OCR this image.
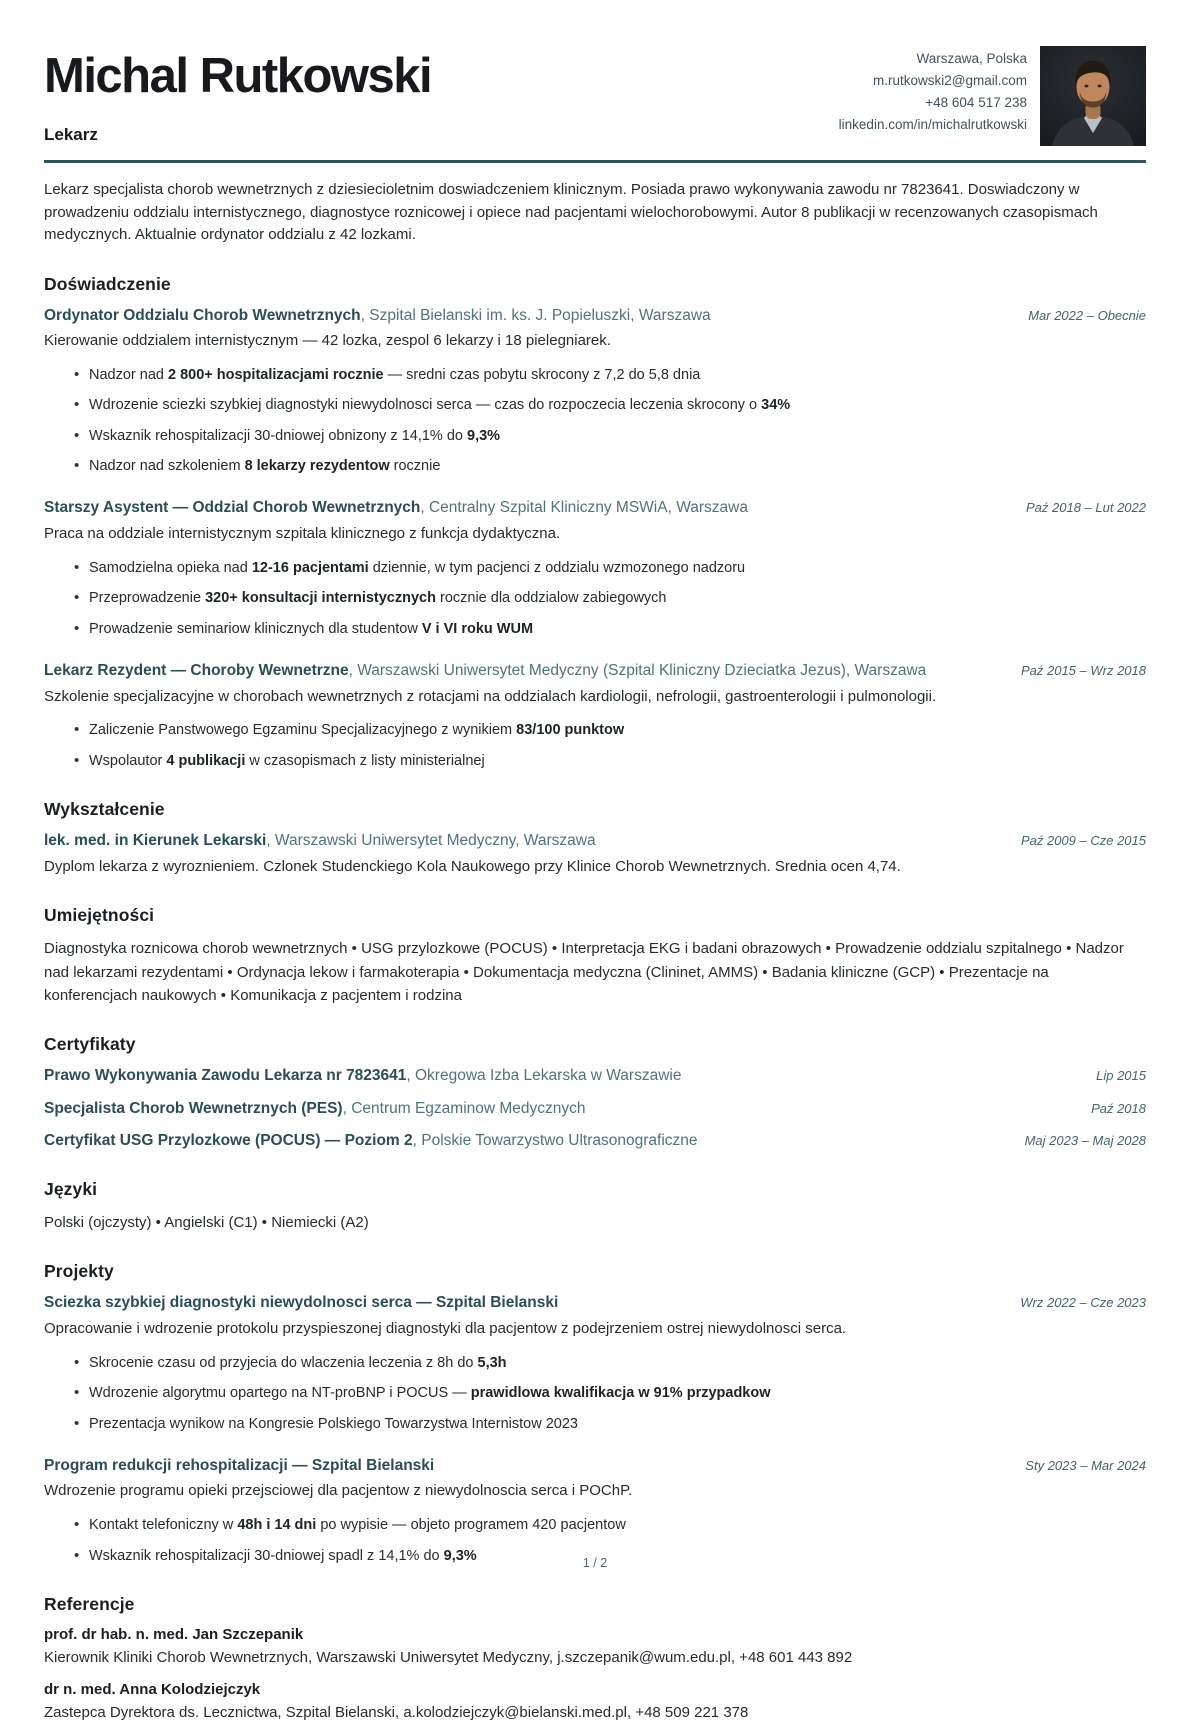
Michal Rutkowski
Lekarz
Warszawa, Polska
m.rutkowski2@gmail.com
+48 604 517 238
linkedin.com/in/michalrutkowski

Lekarz specjalista chorob wewnetrznych z dziesiecioletnim doswiadczeniem klinicznym. Posiada prawo wykonywania zawodu nr 7823641. Doswiadczony w prowadzeniu oddzialu internistycznego, diagnostyce roznicowej i opiece nad pacjentami wielochorobowymi. Autor 8 publikacji w recenzowanych czasopismach medycznych. Aktualnie ordynator oddzialu z 42 lozkami.

Doświadczenie
Ordynator Oddzialu Chorob Wewnetrznych, Szpital Bielanski im. ks. J. Popieluszki, Warszawa	Mar 2022 – Obecnie

Kierowanie oddzialem internistycznym — 42 lozka, zespol 6 lekarzy i 18 pielegniarek.

• Nadzor nad 2 800+ hospitalizacjami rocznie — sredni czas pobytu skrocony z 7,2 do 5,8 dnia
• Wdrozenie sciezki szybkiej diagnostyki niewydolnosci serca — czas do rozpoczecia leczenia skrocony o 34%
• Wskaznik rehospitalizacji 30-dniowej obnizony z 14,1% do 9,3%
• Nadzor nad szkoleniem 8 lekarzy rezydentow rocznie
Starszy Asystent — Oddzial Chorob Wewnetrznych, Centralny Szpital Kliniczny MSWiA, Warszawa	Paź 2018 – Lut 2022

Praca na oddziale internistycznym szpitala klinicznego z funkcja dydaktyczna.

• Samodzielna opieka nad 12-16 pacjentami dziennie, w tym pacjenci z oddzialu wzmozonego nadzoru
• Przeprowadzenie 320+ konsultacji internistycznych rocznie dla oddzialow zabiegowych
• Prowadzenie seminariow klinicznych dla studentow V i VI roku WUM
Lekarz Rezydent — Choroby Wewnetrzne, Warszawski Uniwersytet Medyczny (Szpital Kliniczny Dzieciatka Jezus), Warszawa	Paź 2015 – Wrz 2018

Szkolenie specjalizacyjne w chorobach wewnetrznych z rotacjami na oddzialach kardiologii, nefrologii, gastroenterologii i pulmonologii.

• Zaliczenie Panstwowego Egzaminu Specjalizacyjnego z wynikiem 83/100 punktow
• Wspolautor 4 publikacji w czasopismach z listy ministerialnej
Wykształcenie
lek. med. in Kierunek Lekarski, Warszawski Uniwersytet Medyczny, Warszawa	Paź 2009 – Cze 2015

Dyplom lekarza z wyroznieniem. Czlonek Studenckiego Kola Naukowego przy Klinice Chorob Wewnetrznych. Srednia ocen 4,74.

Umiejętności

Diagnostyka roznicowa chorob wewnetrznych • USG przylozkowe (POCUS) • Interpretacja EKG i badani obrazowych • Prowadzenie oddzialu szpitalnego • Nadzor nad lekarzami rezydentami • Ordynacja lekow i farmakoterapia • Dokumentacja medyczna (Clininet, AMMS) • Badania kliniczne (GCP) • Prezentacje na konferencjach naukowych • Komunikacja z pacjentem i rodzina

Certyfikaty
Prawo Wykonywania Zawodu Lekarza nr 7823641, Okregowa Izba Lekarska w Warszawie	Lip 2015
Specjalista Chorob Wewnetrznych (PES), Centrum Egzaminow Medycznych	Paź 2018
Certyfikat USG Przylozkowe (POCUS) — Poziom 2, Polskie Towarzystwo Ultrasonograficzne	Maj 2023 – Maj 2028
Języki

Polski (ojczysty) • Angielski (C1) • Niemiecki (A2)

Projekty
Sciezka szybkiej diagnostyki niewydolnosci serca — Szpital Bielanski	Wrz 2022 – Cze 2023

Opracowanie i wdrozenie protokolu przyspieszonej diagnostyki dla pacjentow z podejrzeniem ostrej niewydolnosci serca.

• Skrocenie czasu od przyjecia do wlaczenia leczenia z 8h do 5,3h
• Wdrozenie algorytmu opartego na NT-proBNP i POCUS — prawidlowa kwalifikacja w 91% przypadkow
• Prezentacja wynikow na Kongresie Polskiego Towarzystwa Internistow 2023
Program redukcji rehospitalizacji — Szpital Bielanski	Sty 2023 – Mar 2024

Wdrozenie programu opieki przejsciowej dla pacjentow z niewydolnoscia serca i POChP.

• Kontakt telefoniczny w 48h i 14 dni po wypisie — objeto programem 420 pacjentow
• Wskaznik rehospitalizacji 30-dniowej spadl z 14,1% do 9,3%
Referencje

prof. dr hab. n. med. Jan Szczepanik

Kierownik Kliniki Chorob Wewnetrznych, Warszawski Uniwersytet Medyczny, j.szczepanik@wum.edu.pl, +48 601 443 892

dr n. med. Anna Kolodziejczyk

Zastepca Dyrektora ds. Lecznictwa, Szpital Bielanski, a.kolodziejczyk@bielanski.med.pl, +48 509 221 378

1 / 2
